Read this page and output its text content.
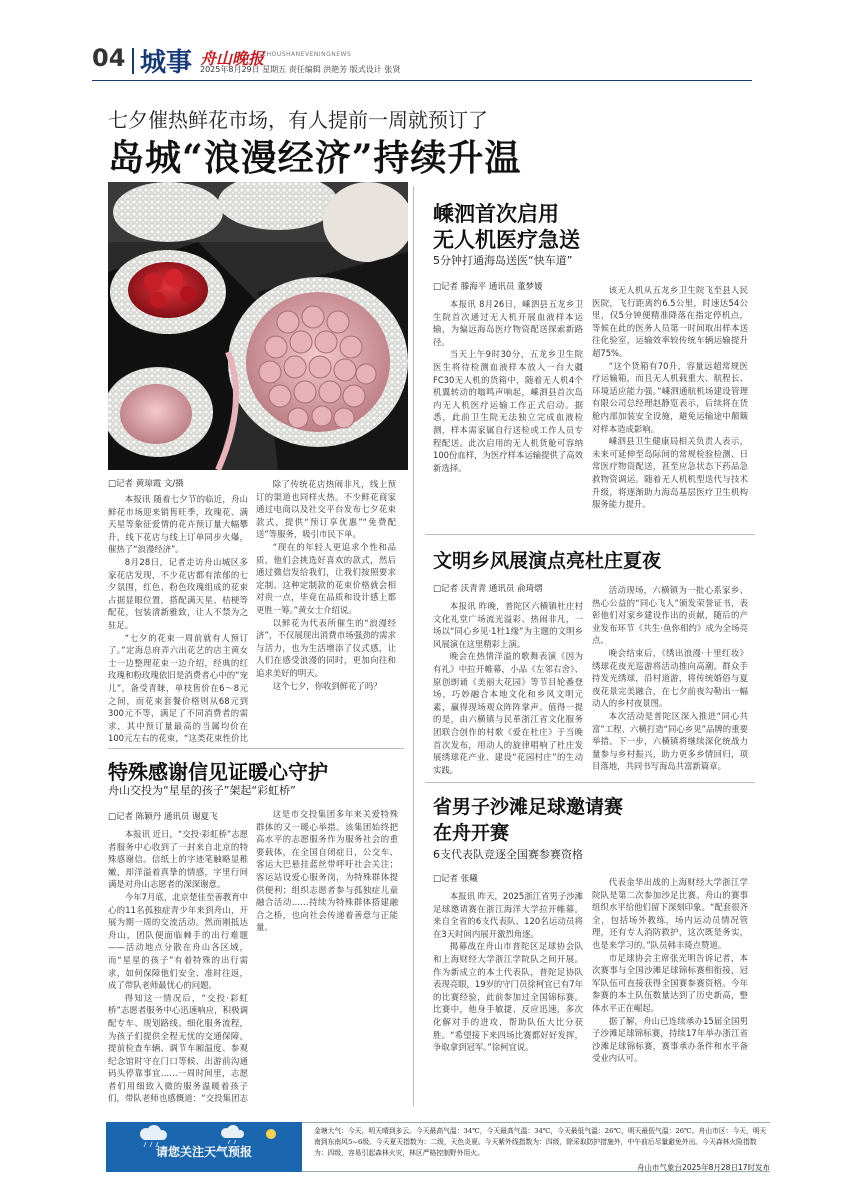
04 城事 舟山晚报
ZHOUSHANEVENINGNEWS
2025年8月29日 星期五 责任编辑 洪艳芳 版式设计 张贤
七夕催热鲜花市场，有人提前一周就预订了
岛城“浪漫经济”持续升温
□记者 黄琼霞 文/摄

本报讯 随着七夕节的临近，舟山鲜花市场迎来销售旺季，玫瑰花、满天星等象征爱情的花卉预订量大幅攀升，线下花店与线上订单同步火爆，催热了“浪漫经济”。

8月28日，记者走访舟山城区多家花店发现，不少花店都有浓郁的七夕氛围，红色、粉色玫瑰组成的花束占据显眼位置，搭配满天星、桔梗等配花，包装清新雅致，让人不禁为之驻足。

“七夕的花束一周前就有人预订了。”定海总府弄六出花艺的店主黄女士一边整理花束一边介绍，经典的红玫瑰和粉玫瑰依旧是消费者心中的“宠儿”，备受青睐，单枝售价在6～8元之间，而花束套餐价格则从68元到300元不等，满足了不同消费者的需求，其中预订量最高的当属均价在100元左右的花束，“这类花束性价比

除了传统花店热闹非凡，线上预订的渠道也同样火热。不少鲜花商家通过电商以及社交平台发布七夕花束款式，提供“预订享优惠”“免费配送”等服务，吸引市民下单。

“现在的年轻人更追求个性和品质，他们会挑选好喜欢的款式，然后通过微信发给我们，让我们按照要求定制。这种定制款的花束价格就会相对贵一点，毕竟在品质和设计感上都更胜一筹。”黄女士介绍说。

以鲜花为代表所催生的“浪漫经济”，不仅展现出消费市场强劲的需求与活力，也为生活增添了仪式感，让人们在感受浪漫的同时，更加向往和追求美好的明天。

这个七夕，你收到鲜花了吗？

嵊泗首次启用
无人机医疗急送
5分钟打通海岛送医“快车道”
□记者 滕海平 通讯员 董梦媛

本报讯 8月26日，嵊泗县五龙乡卫生院首次通过无人机开展血液样本运输，为偏远海岛医疗物资配送探索新路径。

当天上午9时30分，五龙乡卫生院医生将待检测血液样本放入一台大疆FC30无人机的货箱中，随着无人机4个机翼转动的嗡鸣声响起，嵊泗县首次岛内无人机医疗运输工作正式启动。据悉，此前卫生院无法独立完成血液检测，样本需家属自行送检或工作人员专程配送。此次启用的无人机货舱可容纳100份血样，为医疗样本运输提供了高效新选择。

该无人机从五龙乡卫生院飞至县人民医院，飞行距离约6.5公里，时速达54公里，仅5分钟便精准降落在指定停机点，等候在此的医务人员第一时间取出样本送往化验室，运输效率较传统车辆运输提升超75%。

“这个货箱有70升，容量远超常规医疗运输箱，而且无人机载重大、航程长、环境适应能力强。”嵊泗通航机场建设管理有限公司总经理赵静览表示，后续将在货舱内部加装安全设施，避免运输途中颠簸对样本造成影响。

嵊泗县卫生健康局相关负责人表示，未来可延伸至岛际间的常规检验检测、日常医疗物资配送，甚至应急状态下药品急救物资调运。随着无人机机型迭代与技术升级，将逐渐助力海岛基层医疗卫生机构服务能力提升。

文明乡风展演点亮杜庄夏夜
□记者 沃青青 通讯员 俞琦熠

本报讯 昨晚，普陀区六横镇杜庄村文化礼堂广场流光溢彩、热闹非凡，一场以“同心乡见·1杜1缘”为主题的文明乡风展演在这里精彩上演。

晚会在热情洋溢的歌舞表演《因为有礼》中拉开帷幕，小品《左邻右舍》、原创朗诵《美丽大花园》等节目轮番登场，巧妙融合本地文化和乡风文明元素，赢得现场观众阵阵掌声。值得一提的是，由六横镇与民革浙江省文化服务团联合创作的村歌《爱在杜庄》于当晚首次发布，用动人的旋律唱响了杜庄发展绣球花产业、建设“花园村庄”的生动实践。

活动现场，六横镇为一批心系家乡、热心公益的“同心飞人”颁发荣誉证书，表彰他们对家乡建设作出的贡献，随后的产业发布环节《共生·鱼你相约》成为全场亮点。

晚会结束后，《绣出浪漫·十里红妆》绣球花夜光巡游将活动推向高潮。群众手持发光绣球，沿村道游，将传统婚俗与夏夜花景完美融合，在七夕前夜勾勒出一幅动人的乡村夜景图。

本次活动是普陀区深入推进“同心共富”工程、六横打造“同心乡见”品牌的重要举措。下一步，六横镇将继续深化统战力量参与乡村振兴，助力更多乡情回归，项目落地，共同书写海岛共富新篇章。

特殊感谢信见证暖心守护
舟山交投为“星星的孩子”架起“彩虹桥”
□记者 陈颖丹 通讯员 谢夏飞

本报讯 近日，“交投·彩虹桥”志愿者服务中心收到了一封来自北京的特殊感谢信。信纸上的字迹笔触略显稚嫩，却洋溢着真挚的情感，字里行间满是对舟山志愿者的深深谢意。

今年7月底，北京楚佳至善教育中心的11名孤独症青少年来到舟山，开展为期一周的交流活动。然而刚抵达舟山，团队便面临棘手的出行难题——活动地点分散在舟山各区域，而“星星的孩子”有着特殊的出行需求，如何保障他们安全、准时往返，成了带队老师最忧心的问题。

得知这一情况后，“交投·彩虹桥”志愿者服务中心迅速响应，积极调配专车、规划路线、细化服务流程，为孩子们提供全程无忧的交通保障。提前检查车辆、调节车厢温度、参观纪念馆时守在门口等候、出游前沟通码头停靠事宜……一周时间里，志愿者们用细致入微的服务温暖着孩子们，带队老师也感慨道：“交投集团志

这是市交投集团多年来关爱特殊群体的又一暖心举措。该集团始终把高水平的志愿服务作为服务社会的重要载体，在全国自闭症日，公交车、客运大巴悬挂蓝丝带呼吁社会关注；客运站设爱心服务岗，为特殊群体提供便利；组织志愿者参与孤独症儿童融合活动……持续为特殊群体搭建融合之桥，也向社会传递着善意与正能量。

省男子沙滩足球邀请赛
在舟开赛
6支代表队竞逐全国赛参赛资格
□记者 张曦

本报讯 昨天，2025浙江省男子沙滩足球邀请赛在浙江海洋大学拉开帷幕。来自全省的6支代表队、120名运动员将在3天时间内展开激烈角逐。

揭幕战在舟山市普陀区足球协会队和上海财经大学浙江学院队之间开展。作为新成立的本土代表队，普陀足协队表现亮眼，19岁的守门员徐柯宜已有7年的比赛经验，此前参加过全国锦标赛。比赛中，他身手敏捷、反应迅速，多次化解对手的进攻，帮助队伍大比分获胜。“希望接下来四场比赛都好好发挥，争取拿到冠军。”徐柯宜说。

代表金华出战的上海财经大学浙江学院队是第二次参加沙足比赛。舟山的赛事组织水平给他们留下深刻印象。“配套很齐全，包括场外教练，场内运动员情况管理，还有专人消防救护，这次既是务实，也是来学习的。”队员韩丰琦点赞道。

市足球协会主席张光明告诉记者，本次赛事与全国沙滩足球锦标赛相衔接，冠军队伍可直接获得全国赛参赛资格。今年参赛的本土队伍数量达到了历史新高，整体水平正在崛起。

据了解，舟山已连续承办15届全国男子沙滩足球锦标赛，持续17年举办浙江省沙滩足球锦标赛，赛事承办条件和水平备受业内认可。

请您关注天气预报
金塘大气：今天，明天晴到多云。今天最高气温：34℃，今天最高气温：34℃，今天最低气温：26℃，明天最低气温：26℃。舟山市区：今天，明天南到东南风5~6级。今天夏天指数为：二级，天色炎夏。今天紫外线指数为：四级，除采取防护措施外，中午前后尽量避免外出。今天森林火险指数为：四级，容易引起森林火灾，林区严格控制野外用火。
舟山市气象台2025年8月28日17时发布
